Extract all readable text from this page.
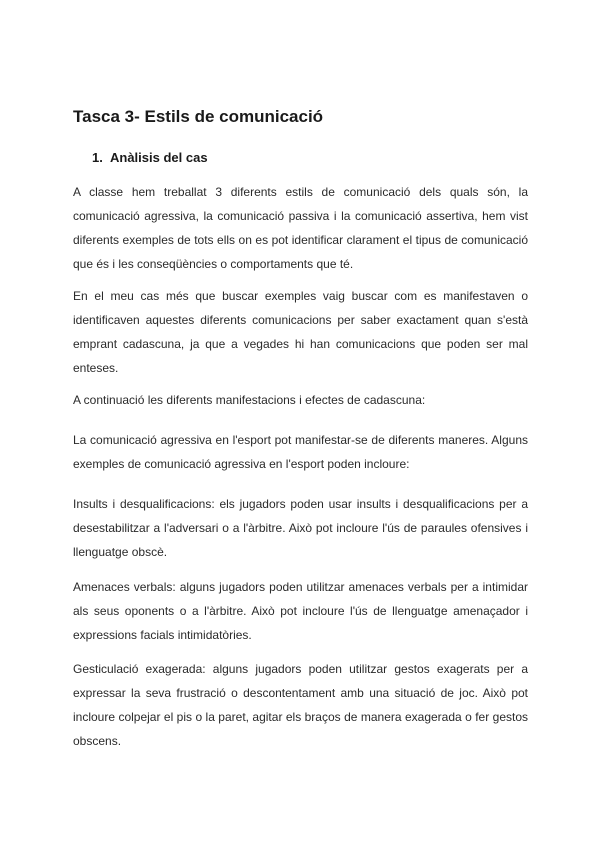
Tasca 3- Estils de comunicació
1. Anàlisis del cas

A classe hem treballat 3 diferents estils de comunicació dels quals són, la comunicació agressiva, la comunicació passiva i la comunicació assertiva, hem vist diferents exemples de tots ells on es pot identificar clarament el tipus de comunicació que és i les conseqüències o comportaments que té.

En el meu cas més que buscar exemples vaig buscar com es manifestaven o identificaven aquestes diferents comunicacions per saber exactament quan s'està emprant cadascuna, ja que a vegades hi han comunicacions que poden ser mal enteses.

A continuació les diferents manifestacions i efectes de cadascuna:

La comunicació agressiva en l'esport pot manifestar-se de diferents maneres. Alguns exemples de comunicació agressiva en l'esport poden incloure:

Insults i desqualificacions: els jugadors poden usar insults i desqualificacions per a desestabilitzar a l'adversari o a l'àrbitre. Això pot incloure l'ús de paraules ofensives i llenguatge obscè.

Amenaces verbals: alguns jugadors poden utilitzar amenaces verbals per a intimidar als seus oponents o a l'àrbitre. Això pot incloure l'ús de llenguatge amenaçador i expressions facials intimidatòries.

Gesticulació exagerada: alguns jugadors poden utilitzar gestos exagerats per a expressar la seva frustració o descontentament amb una situació de joc. Això pot incloure colpejar el pis o la paret, agitar els braços de manera exagerada o fer gestos obscens.
